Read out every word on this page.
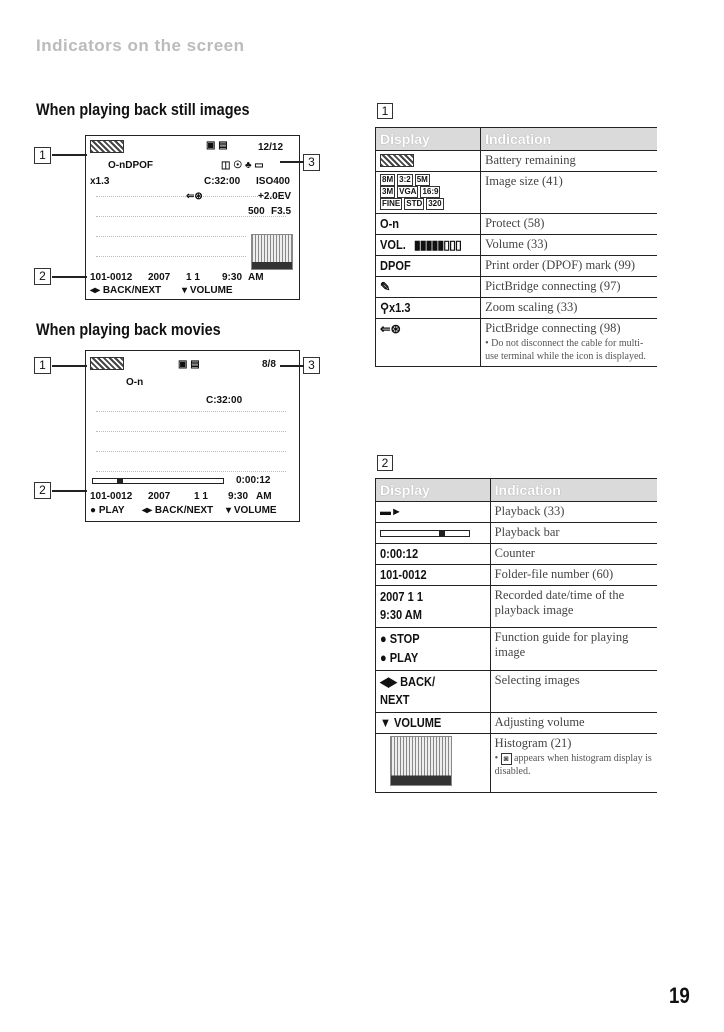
Indicators on the screen
When playing back still images
1
2
3
▣ ▤	12/12
O-nDPOF
x1.3
◫ ☉ ♣ ▭
C:32:00 ISO400
⇐⊛	+2.0EV
500 F3.5
101-0012 2007 1 1 9:30 AM
◂▸ BACK/NEXT ▾ VOLUME
When playing back movies
1
2
3
▣ ▤	8/8
O-n
C:32:00
0:00:12
101-0012 2007 1 1 9:30 AM
● PLAY ◂▸ BACK/NEXT ▾ VOLUME
1
Display	Indication
	Battery remaining
8M 3:2 5M
3M VGA 16:9
FINE STD 320	Image size (41)
O-n	Protect (58)
VOL. ▮▮▮▮▮▯▯▯	Volume (33)
DPOF	Print order (DPOF) mark (99)
✎	PictBridge connecting (97)
⚲x1.3	Zoom scaling (33)
⇐⊛	PictBridge connecting (98)
• Do not disconnect the cable for multi-use terminal while the icon is displayed.
2
Display	Indication
▬►	Playback (33)

	Playback bar
0:00:12	Counter
101-0012	Folder-file number (60)
2007 1 1
9:30 AM	Recorded date/time of the playback image
● STOP
● PLAY	Function guide for playing image
◀▶ BACK/
NEXT	Selecting images
▼ VOLUME	Adjusting volume
	Histogram (21)
• ◙ appears when histogram display is disabled.
19
